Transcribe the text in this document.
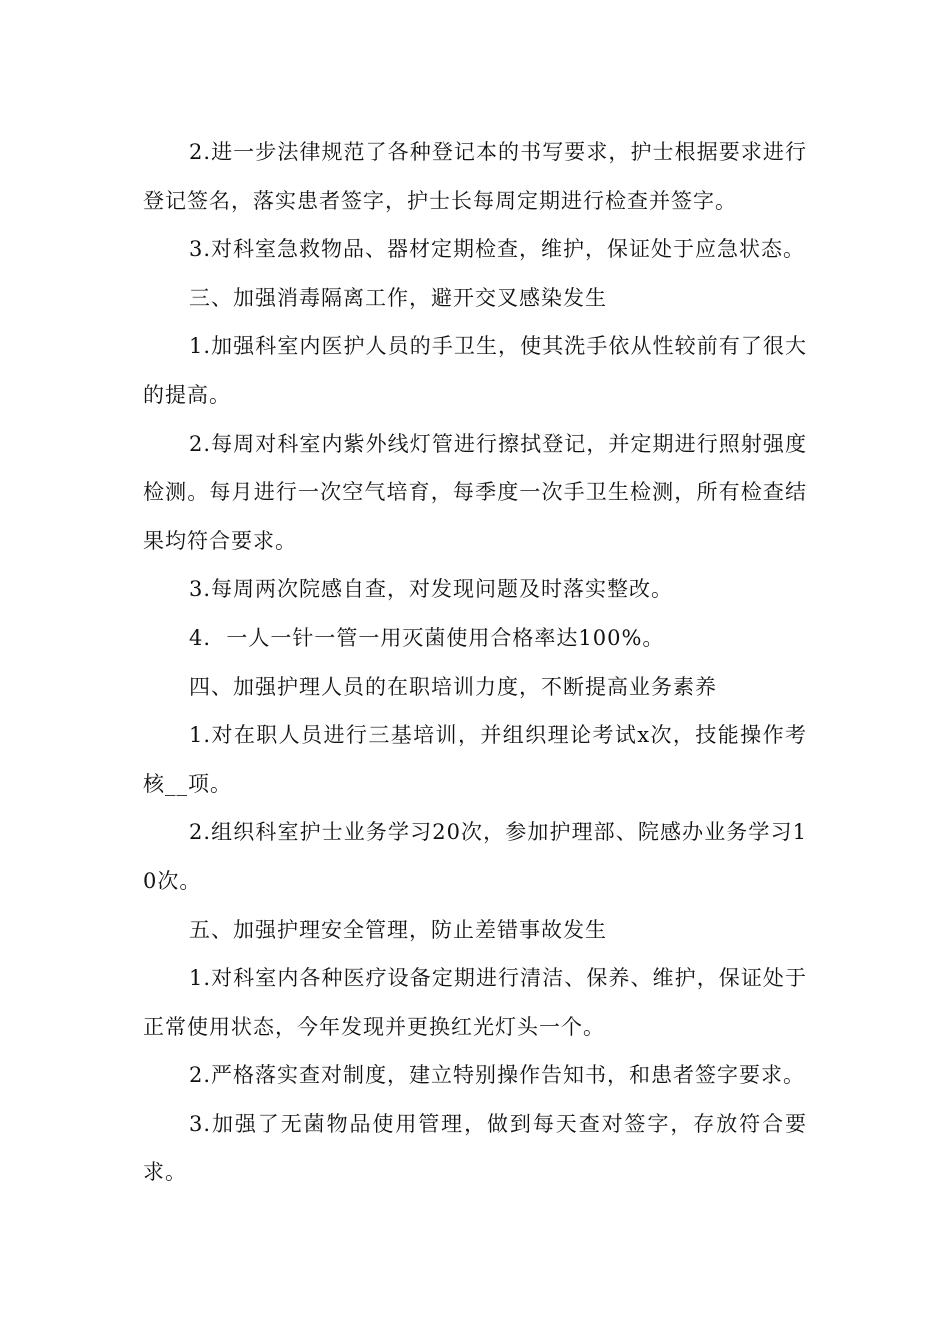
2.进一步法律规范了各种登记本的书写要求，护士根据要求进行登记签名，落实患者签字，护士长每周定期进行检查并签字。

3.对科室急救物品、器材定期检查，维护，保证处于应急状态。

三、加强消毒隔离工作，避开交叉感染发生

1.加强科室内医护人员的手卫生，使其洗手依从性较前有了很大的提高。

2.每周对科室内紫外线灯管进行擦拭登记，并定期进行照射强度检测。每月进行一次空气培育，每季度一次手卫生检测，所有检查结果均符合要求。

3.每周两次院感自查，对发现问题及时落实整改。

4.  一人一针一管一用灭菌使用合格率达100%。

四、加强护理人员的在职培训力度，不断提高业务素养

1.对在职人员进行三基培训，并组织理论考试x次，技能操作考核__项。

2.组织科室护士业务学习20次，参加护理部、院感办业务学习10次。

五、加强护理安全管理，防止差错事故发生

1.对科室内各种医疗设备定期进行清洁、保养、维护，保证处于正常使用状态，今年发现并更换红光灯头一个。

2.严格落实查对制度，建立特别操作告知书，和患者签字要求。

3.加强了无菌物品使用管理，做到每天查对签字，存放符合要求。
